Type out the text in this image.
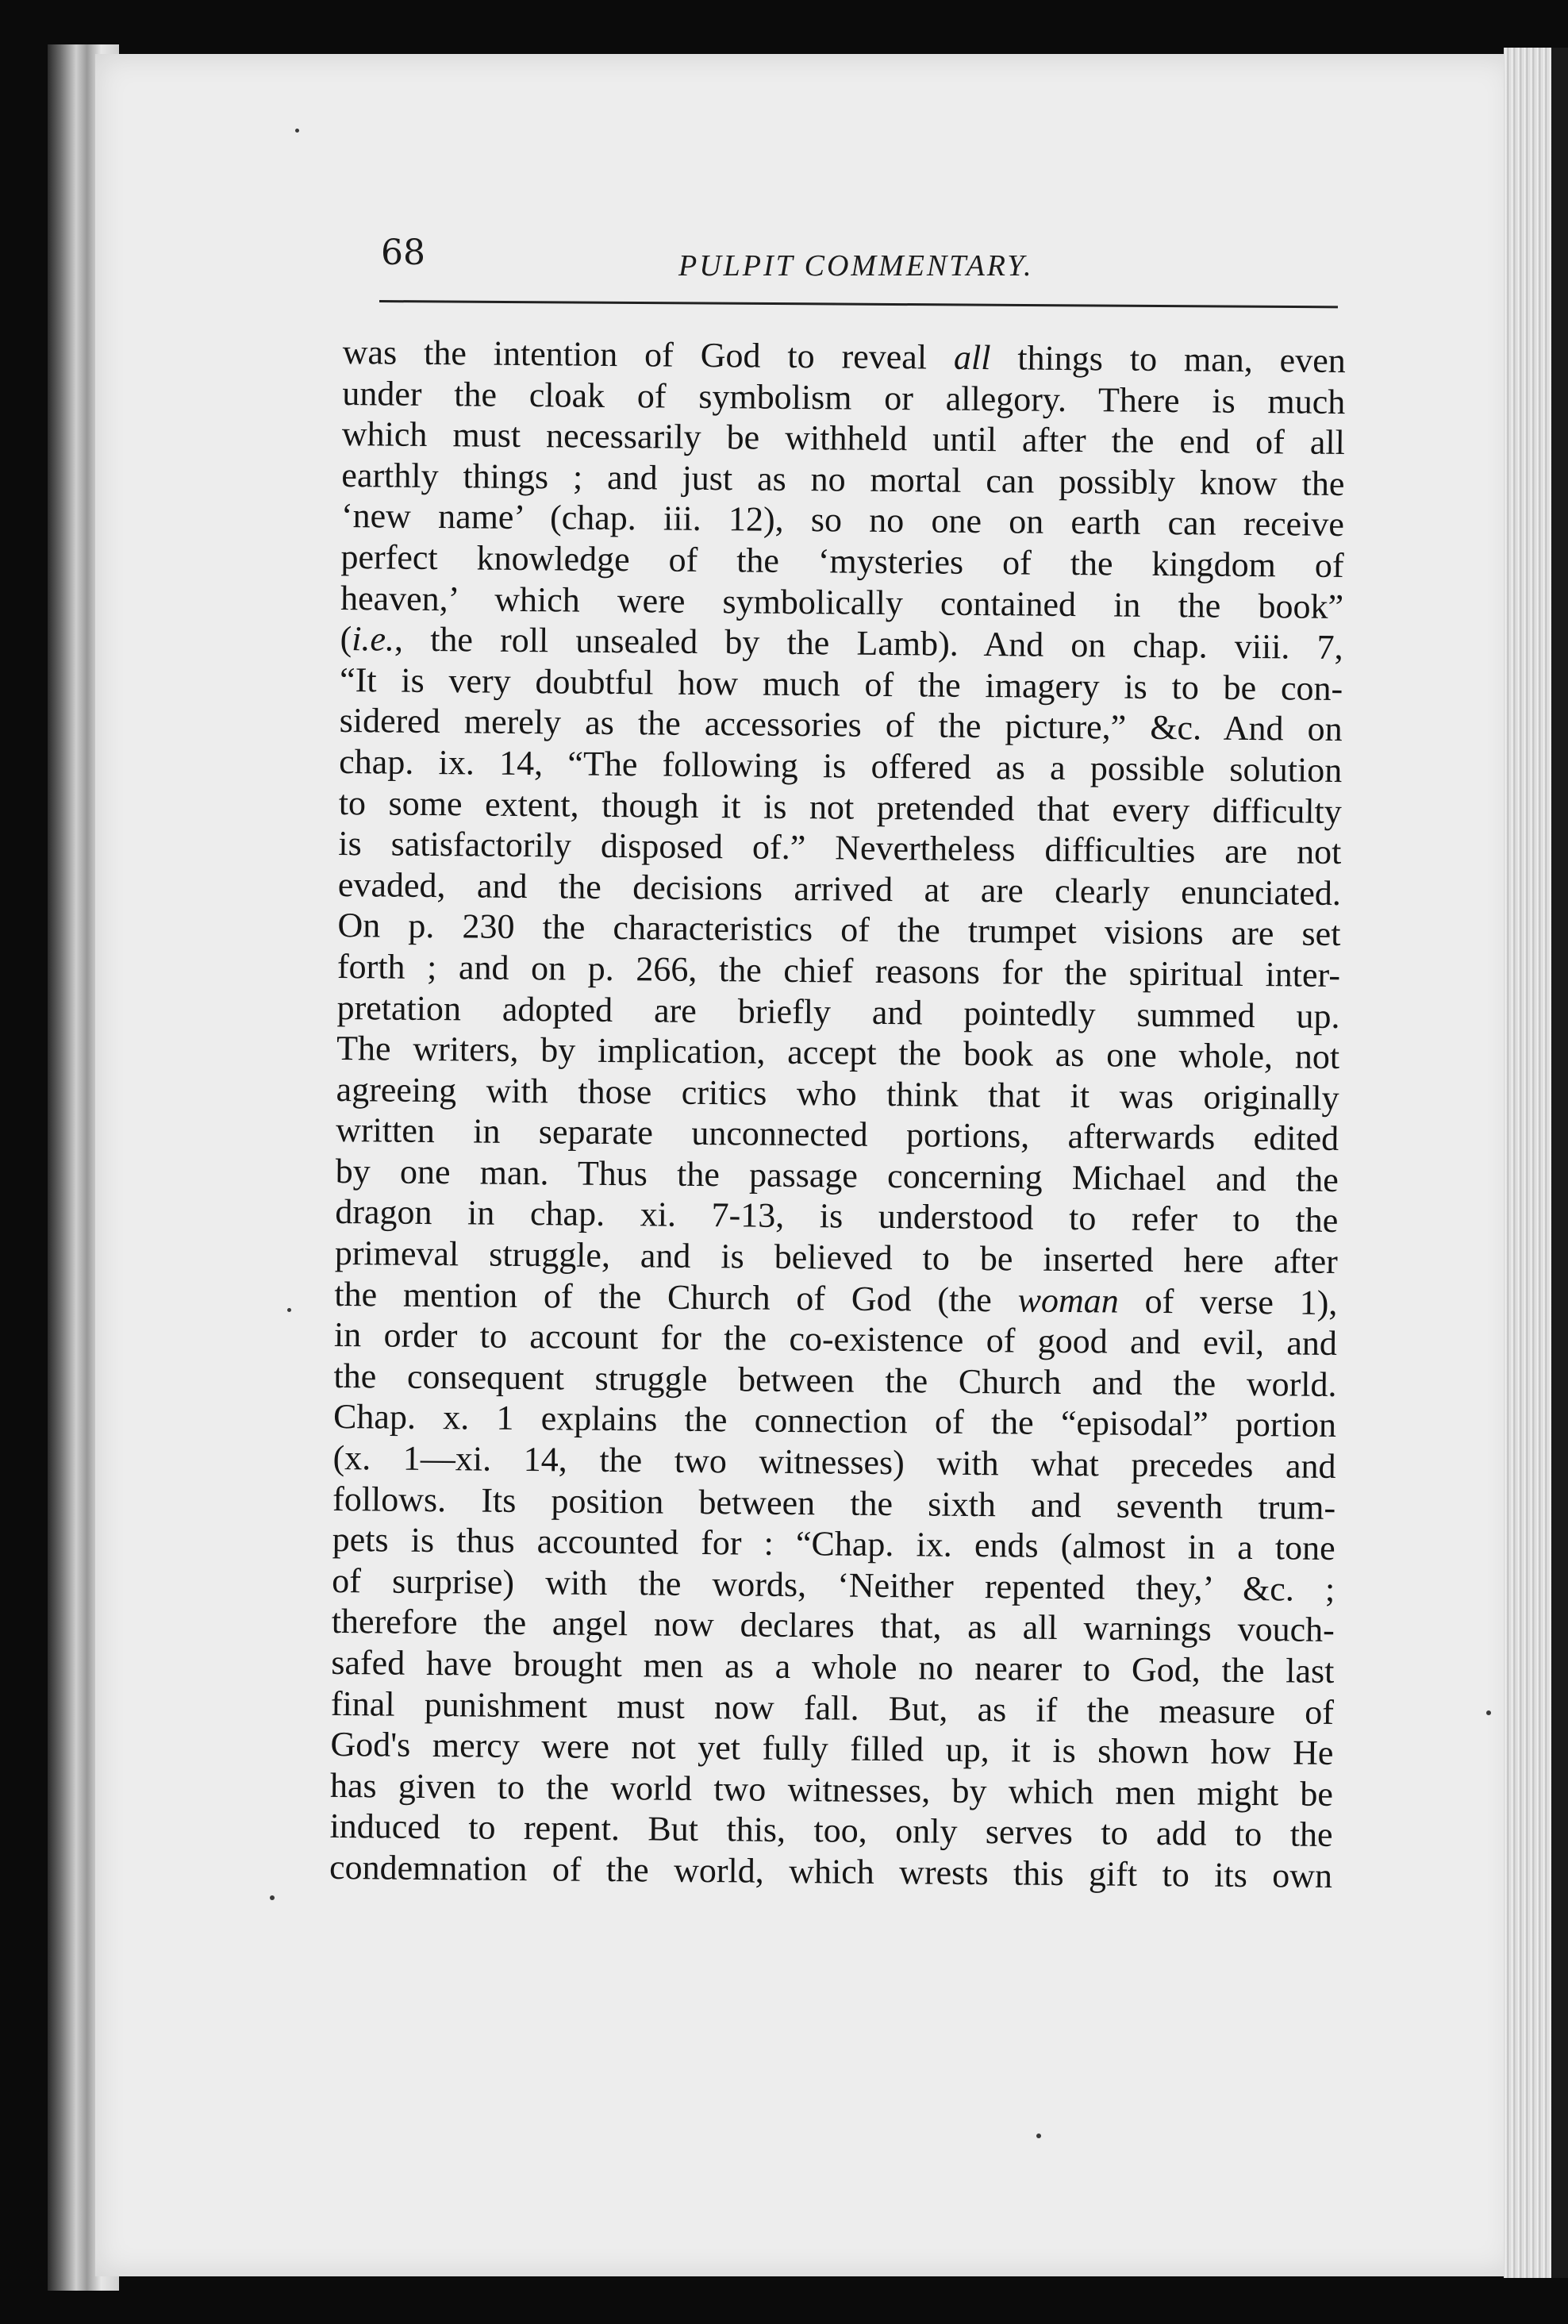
68	PULPIT COMMENTARY.
was the intention of God to reveal all things to man, even
under the cloak of symbolism or allegory. There is much
which must necessarily be withheld until after the end of all
earthly things ; and just as no mortal can possibly know the
‘new name’ (chap. iii. 12), so no one on earth can receive
perfect knowledge of the ‘mysteries of the kingdom of
heaven,’ which were symbolically contained in the book”
(i.e., the roll unsealed by the Lamb). And on chap. viii. 7,
“It is very doubtful how much of the imagery is to be con-
sidered merely as the accessories of the picture,” &c. And on
chap. ix. 14, “The following is offered as a possible solution
to some extent, though it is not pretended that every difficulty
is satisfactorily disposed of.” Nevertheless difficulties are not
evaded, and the decisions arrived at are clearly enunciated.
On p. 230 the characteristics of the trumpet visions are set
forth ; and on p. 266, the chief reasons for the spiritual inter-
pretation adopted are briefly and pointedly summed up.
The writers, by implication, accept the book as one whole, not
agreeing with those critics who think that it was originally
written in separate unconnected portions, afterwards edited
by one man. Thus the passage concerning Michael and the
dragon in chap. xi. 7-13, is understood to refer to the
primeval struggle, and is believed to be inserted here after
the mention of the Church of God (the woman of verse 1),
in order to account for the co-existence of good and evil, and
the consequent struggle between the Church and the world.
Chap. x. 1 explains the connection of the “episodal” portion
(x. 1—xi. 14, the two witnesses) with what precedes and
follows. Its position between the sixth and seventh trum-
pets is thus accounted for : “Chap. ix. ends (almost in a tone
of surprise) with the words, ‘Neither repented they,’ &c. ;
therefore the angel now declares that, as all warnings vouch-
safed have brought men as a whole no nearer to God, the last
final punishment must now fall. But, as if the measure of
God's mercy were not yet fully filled up, it is shown how He
has given to the world two witnesses, by which men might be
induced to repent. But this, too, only serves to add to the
condemnation of the world, which wrests this gift to its own
